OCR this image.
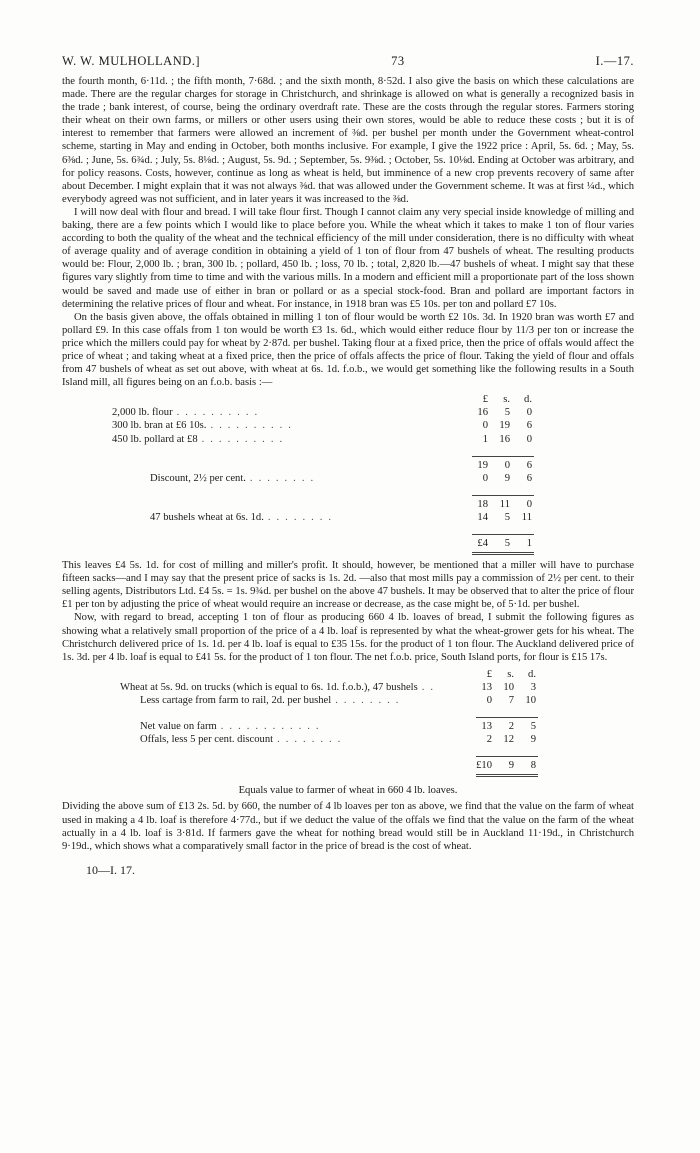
W. W. MULHOLLAND.]	73	I.—17.

the fourth month, 6·11d. ; the fifth month, 7·68d. ; and the sixth month, 8·52d. I also give the basis on which these calculations are made. There are the regular charges for storage in Christchurch, and shrinkage is allowed on what is generally a recognized basis in the trade ; bank interest, of course, being the ordinary overdraft rate. These are the costs through the regular stores. Farmers storing their wheat on their own farms, or millers or other users using their own stores, would be able to reduce these costs ; but it is of interest to remember that farmers were allowed an increment of ⅜d. per bushel per month under the Government wheat-control scheme, starting in May and ending in October, both months inclusive. For example, I give the 1922 price : April, 5s. 6d. ; May, 5s. 6⅜d. ; June, 5s. 6¾d. ; July, 5s. 8⅛d. ; August, 5s. 9d. ; September, 5s. 9⅜d. ; October, 5s. 10⅛d. Ending at October was arbitrary, and for policy reasons. Costs, however, continue as long as wheat is held, but imminence of a new crop prevents recovery of same after about December. I might explain that it was not always ⅜d. that was allowed under the Government scheme. It was at first ¼d., which everybody agreed was not sufficient, and in later years it was increased to the ⅜d.

I will now deal with flour and bread. I will take flour first. Though I cannot claim any very special inside knowledge of milling and baking, there are a few points which I would like to place before you. While the wheat which it takes to make 1 ton of flour varies according to both the quality of the wheat and the technical efficiency of the mill under consideration, there is no difficulty with wheat of average quality and of average condition in obtaining a yield of 1 ton of flour from 47 bushels of wheat. The resulting products would be: Flour, 2,000 lb. ; bran, 300 lb. ; pollard, 450 lb. ; loss, 70 lb. ; total, 2,820 lb.—47 bushels of wheat. I might say that these figures vary slightly from time to time and with the various mills. In a modern and efficient mill a proportionate part of the loss shown would be saved and made use of either in bran or pollard or as a special stock-food. Bran and pollard are important factors in determining the relative prices of flour and wheat. For instance, in 1918 bran was £5 10s. per ton and pollard £7 10s.

On the basis given above, the offals obtained in milling 1 ton of flour would be worth £2 10s. 3d. In 1920 bran was worth £7 and pollard £9. In this case offals from 1 ton would be worth £3 1s. 6d., which would either reduce flour by 11/3 per ton or increase the price which the millers could pay for wheat by 2·87d. per bushel. Taking flour at a fixed price, then the price of offals would affect the price of wheat ; and taking wheat at a fixed price, then the price of offals affects the price of flour. Taking the yield of flour and offals from 47 bushels of wheat as set out above, with wheat at 6s. 1d. f.o.b., we would get something like the following results in a South Island mill, all figures being on an f.o.b. basis :—

£	s.	d.
2,000 lb. flour ..........	16	5	0
300 lb. bran at £6 10s. ..........	0	19	6
450 lb. pollard at £8 ..........	1	16	0
19	0	6
Discount, 2½ per cent. ........	0	9	6
18	11	0
47 bushels wheat at 6s. 1d. ........	14	5	11
£4	5	1

This leaves £4 5s. 1d. for cost of milling and miller's profit. It should, however, be mentioned that a miller will have to purchase fifteen sacks—and I may say that the present price of sacks is 1s. 2d. —also that most mills pay a commission of 2½ per cent. to their selling agents, Distributors Ltd. £4 5s. = 1s. 9¾d. per bushel on the above 47 bushels. It may be observed that to alter the price of flour £1 per ton by adjusting the price of wheat would require an increase or decrease, as the case might be, of 5·1d. per bushel.

Now, with regard to bread, accepting 1 ton of flour as producing 660 4 lb. loaves of bread, I submit the following figures as showing what a relatively small proportion of the price of a 4 lb. loaf is represented by what the wheat-grower gets for his wheat. The Christchurch delivered price of 1s. 1d. per 4 lb. loaf is equal to £35 15s. for the product of 1 ton flour. The Auckland delivered price of 1s. 3d. per 4 lb. loaf is equal to £41 5s. for the product of 1 ton flour. The net f.o.b. price, South Island ports, for flour is £15 17s.

£	s.	d.
Wheat at 5s. 9d. on trucks (which is equal to 6s. 1d. f.o.b.), 47 bushels ..	13	10	3
Less cartage from farm to rail, 2d. per bushel ........	0	7	10
Net value on farm ............	13	2	5
Offals, less 5 per cent. discount ........	2	12	9
£10	9	8
Equals value to farmer of wheat in 660 4 lb. loaves.

Dividing the above sum of £13 2s. 5d. by 660, the number of 4 lb loaves per ton as above, we find that the value on the farm of wheat used in making a 4 lb. loaf is therefore 4·77d., but if we deduct the value of the offals we find that the value on the farm of the wheat actually in a 4 lb. loaf is 3·81d. If farmers gave the wheat for nothing bread would still be in Auckland 11·19d., in Christchurch 9·19d., which shows what a comparatively small factor in the price of bread is the cost of wheat.

10—I. 17.
